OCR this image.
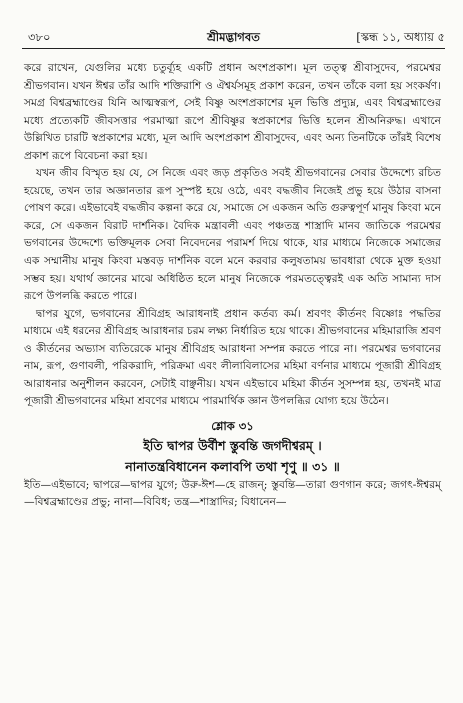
৩৮০	শ্রীমদ্ভাগবত	[স্কন্ধ ১১, অধ্যায় ৫

করে রাখেন, যেগুলির মধ্যে চতুর্ব্যূহ একটি প্রধান অংশপ্রকাশ। মূল তত্ত্ব শ্রীবাসুদেব, পরমেশ্বর শ্রীভগবান। যখন ঈশ্বর তাঁর আদি শক্তিরাশি ও ঐশ্বর্যসমূহ প্রকাশ করেন, তখন তাঁকে বলা হয় সংকর্ষণ। সমগ্র বিশ্বব্রহ্মাণ্ডের যিনি আত্মস্বরূপ, সেই বিষ্ণু অংশপ্রকাশের মূল ভিত্তি প্রদ্যুম্ন, এবং বিশ্বব্রহ্মাণ্ডের মধ্যে প্রত্যেকটি জীবসত্তার পরমাত্মা রূপে শ্রীবিষ্ণুর স্বপ্রকাশের ভিত্তি হলেন শ্রীঅনিরুদ্ধ। এখানে উল্লিখিত চারটি স্বপ্রকাশের মধ্যে, মূল আদি অংশপ্রকাশ শ্রীবাসুদেব, এবং অন্য তিনটিকে তাঁরই বিশেষ প্রকাশ রূপে বিবেচনা করা হয়।

যখন জীব বিস্মৃত হয় যে, সে নিজে এবং জড় প্রকৃতিও সবই শ্রীভগবানের সেবার উদ্দেশ্যে রচিত হয়েছে, তখন তার অজ্ঞানতার রূপ সুস্পষ্ট হয়ে ওঠে, এবং বদ্ধজীব নিজেই প্রভু হয়ে উঠার বাসনা পোষণ করে। এইভাবেই বদ্ধজীব কল্পনা করে যে, সমাজে সে একজন অতি গুরুত্বপূর্ণ মানুষ কিংবা মনে করে, সে একজন বিরাট দার্শনিক। বৈদিক মন্ত্রাবলী এবং পঞ্চতন্ত্র শাস্ত্রাদি মানব জাতিকে পরমেশ্বর ভগবানের উদ্দেশ্যে ভক্তিমূলক সেবা নিবেদনের পরামর্শ দিয়ে থাকে, যার মাধ্যমে নিজেকে সমাজের এক সম্মানীয় মানুষ কিংবা মস্তবড় দার্শনিক বলে মনে করবার কলুষতাময় ভাবধারা থেকে মুক্ত হওয়া সম্ভব হয়। যথার্থ জ্ঞানের মাঝে অধিষ্ঠিত হলে মানুষ নিজেকে পরমতত্ত্বেরই এক অতি সামান্য দাস রূপে উপলব্ধি করতে পারে।

দ্বাপর যুগে, ভগবানের শ্রীবিগ্রহ আরাধনাই প্রধান কর্তব্য কর্ম। শ্রবণং কীর্তনং বিষ্ণোঃ পদ্ধতির মাধ্যমে এই ধরনের শ্রীবিগ্রহ আরাধনার চরম লক্ষ্য নির্ধারিত হয়ে থাকে। শ্রীভগবানের মহিমারাজি শ্রবণ ও কীর্তনের অভ্যাস ব্যতিরেকে মানুষ শ্রীবিগ্রহ আরাধনা সম্পন্ন করতে পারে না। পরমেশ্বর ভগবানের নাম, রূপ, গুণাবলী, পরিকরাদি, পরিক্রমা এবং লীলাবিলাসের মহিমা বর্ণনার মাধ্যমে পূজারী শ্রীবিগ্রহ আরাধনার অনুশীলন করবেন, সেটাই বাঞ্ছনীয়। যখন এইভাবে মহিমা কীর্তন সুসম্পন্ন হয়, তখনই মাত্র পূজারী শ্রীভগবানের মহিমা শ্রবণের মাধ্যমে পারমার্থিক জ্ঞান উপলব্ধির যোগ্য হয়ে উঠেন।

শ্লোক ৩১
ইতি দ্বাপর উর্বীশ স্তুবন্তি জগদীশ্বরম্ ।
নানাতন্ত্রবিধানেন কলাবপি তথা শৃণু ॥ ৩১ ॥

ইতি—এইভাবে; দ্বাপরে—দ্বাপর যুগে; উরু-ঈশ—হে রাজন্; স্তুবন্তি—তারা গুণগান করে; জগৎ-ঈশ্বরম্—বিশ্বব্রহ্মাণ্ডের প্রভু; নানা—বিবিধ; তন্ত্র—শাস্ত্রাদির; বিধানেন—
